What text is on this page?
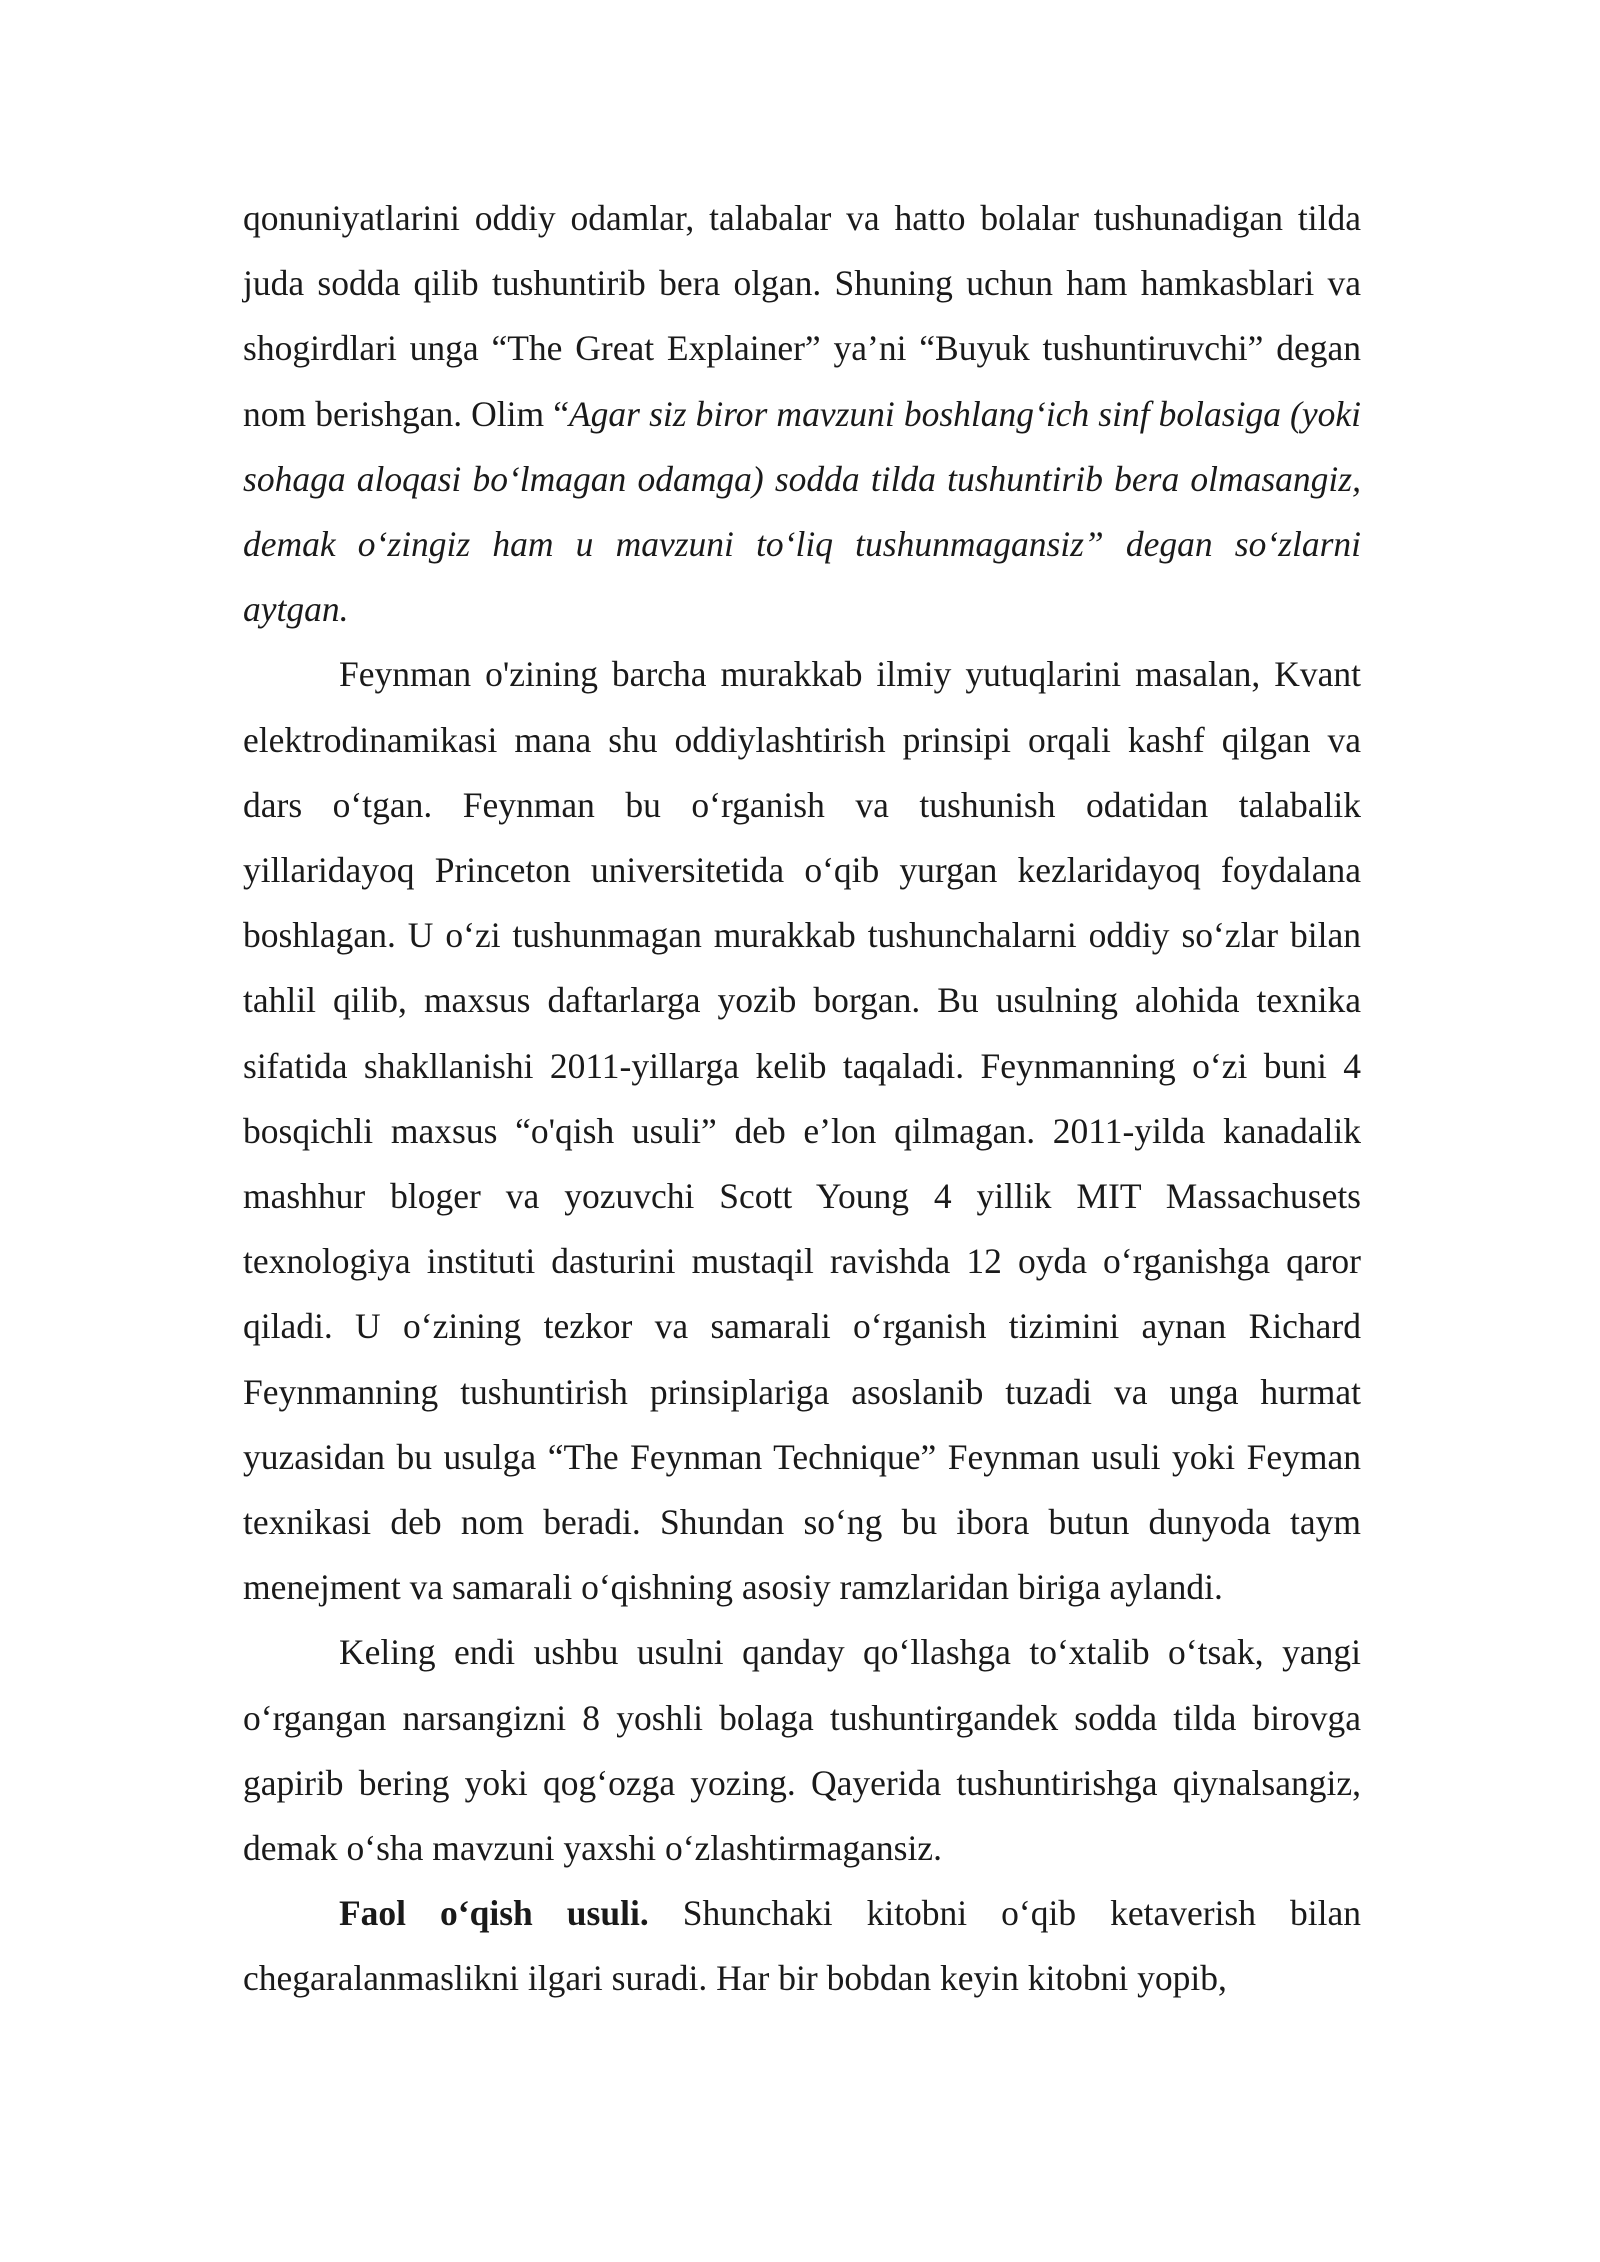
qonuniyatlarini oddiy odamlar, talabalar va hatto bolalar tushunadigan tilda juda sodda qilib tushuntirib bera olgan. Shuning uchun ham hamkasblari va shogirdlari unga “The Great Explainer” ya’ni “Buyuk tushuntiruvchi” degan nom berishgan. Olim “Agar siz biror mavzuni boshlang‘ich sinf bolasiga (yoki sohaga aloqasi bo‘lmagan odamga) sodda tilda tushuntirib bera olmasangiz, demak o‘zingiz ham u mavzuni to‘liq tushunmagansiz” degan so‘zlarni aytgan.

Feynman o'zining barcha murakkab ilmiy yutuqlarini masalan, Kvant elektrodinamikasi mana shu oddiylashtirish prinsipi orqali kashf qilgan va dars o‘tgan. Feynman bu o‘rganish va tushunish odatidan talabalik yillaridayoq Princeton universitetida o‘qib yurgan kezlaridayoq foydalana boshlagan. U o‘zi tushunmagan murakkab tushunchalarni oddiy so‘zlar bilan tahlil qilib, maxsus daftarlarga yozib borgan. Bu usulning alohida texnika sifatida shakllanishi 2011-yillarga kelib taqaladi. Feynmanning o‘zi buni 4 bosqichli maxsus “o'qish usuli” deb e’lon qilmagan. 2011-yilda kanadalik mashhur bloger va yozuvchi Scott Young 4 yillik MIT Massachusets texnologiya instituti dasturini mustaqil ravishda 12 oyda o‘rganishga qaror qiladi. U o‘zining tezkor va samarali o‘rganish tizimini aynan Richard Feynmanning tushuntirish prinsiplariga asoslanib tuzadi va unga hurmat yuzasidan bu usulga “The Feynman Technique” Feynman usuli yoki Feyman texnikasi deb nom beradi. Shundan so‘ng bu ibora butun dunyoda taym menejment va samarali o‘qishning asosiy ramzlaridan biriga aylandi.

Keling endi ushbu usulni qanday qo‘llashga to‘xtalib o‘tsak, yangi o‘rgangan narsangizni 8 yoshli bolaga tushuntirgandek sodda tilda birovga gapirib bering yoki qog‘ozga yozing. Qayerida tushuntirishga qiynalsangiz, demak o‘sha mavzuni yaxshi o‘zlashtirmagansiz.

Faol o‘qish usuli. Shunchaki kitobni o‘qib ketaverish bilan chegaralanmaslikni ilgari suradi. Har bir bobdan keyin kitobni yopib,
